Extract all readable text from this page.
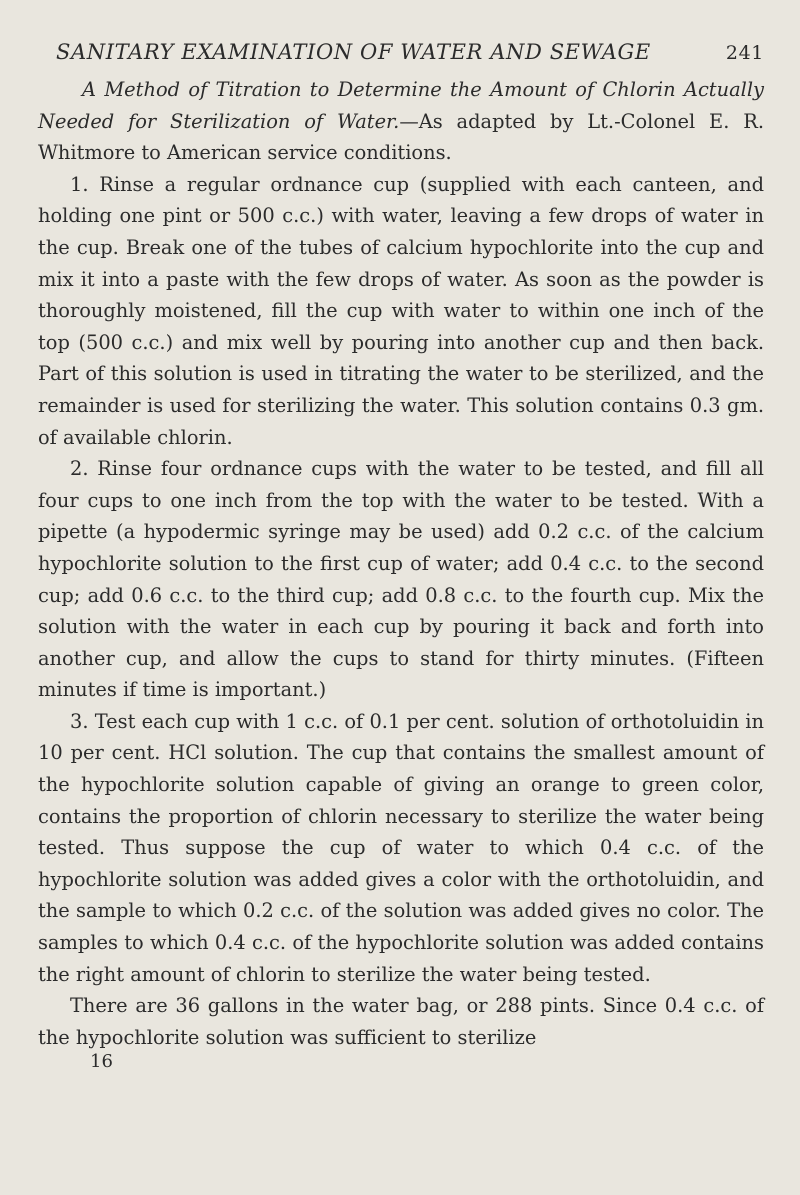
SANITARY EXAMINATION OF WATER AND SEWAGE	241

A Method of Titration to Determine the Amount of Chlorin Actually Needed for Sterilization of Water.—As adapted by Lt.-Colonel E. R. Whitmore to American service conditions.

1. Rinse a regular ordnance cup (supplied with each canteen, and holding one pint or 500 c.c.) with water, leaving a few drops of water in the cup. Break one of the tubes of calcium hypochlorite into the cup and mix it into a paste with the few drops of water. As soon as the powder is thoroughly moistened, fill the cup with water to within one inch of the top (500 c.c.) and mix well by pouring into another cup and then back. Part of this solution is used in titrating the water to be sterilized, and the remainder is used for sterilizing the water. This solution contains 0.3 gm. of available chlorin.

2. Rinse four ordnance cups with the water to be tested, and fill all four cups to one inch from the top with the water to be tested. With a pipette (a hypodermic syringe may be used) add 0.2 c.c. of the calcium hypochlorite solution to the first cup of water; add 0.4 c.c. to the second cup; add 0.6 c.c. to the third cup; add 0.8 c.c. to the fourth cup. Mix the solution with the water in each cup by pouring it back and forth into another cup, and allow the cups to stand for thirty minutes. (Fifteen minutes if time is important.)

3. Test each cup with 1 c.c. of 0.1 per cent. solution of orthotoluidin in 10 per cent. HCl solution. The cup that contains the smallest amount of the hypochlorite solution capable of giving an orange to green color, contains the proportion of chlorin necessary to sterilize the water being tested. Thus suppose the cup of water to which 0.4 c.c. of the hypochlorite solution was added gives a color with the orthotoluidin, and the sample to which 0.2 c.c. of the solution was added gives no color. The samples to which 0.4 c.c. of the hypochlorite solution was added contains the right amount of chlorin to sterilize the water being tested.

There are 36 gallons in the water bag, or 288 pints. Since 0.4 c.c. of the hypochlorite solution was sufficient to sterilize

16
